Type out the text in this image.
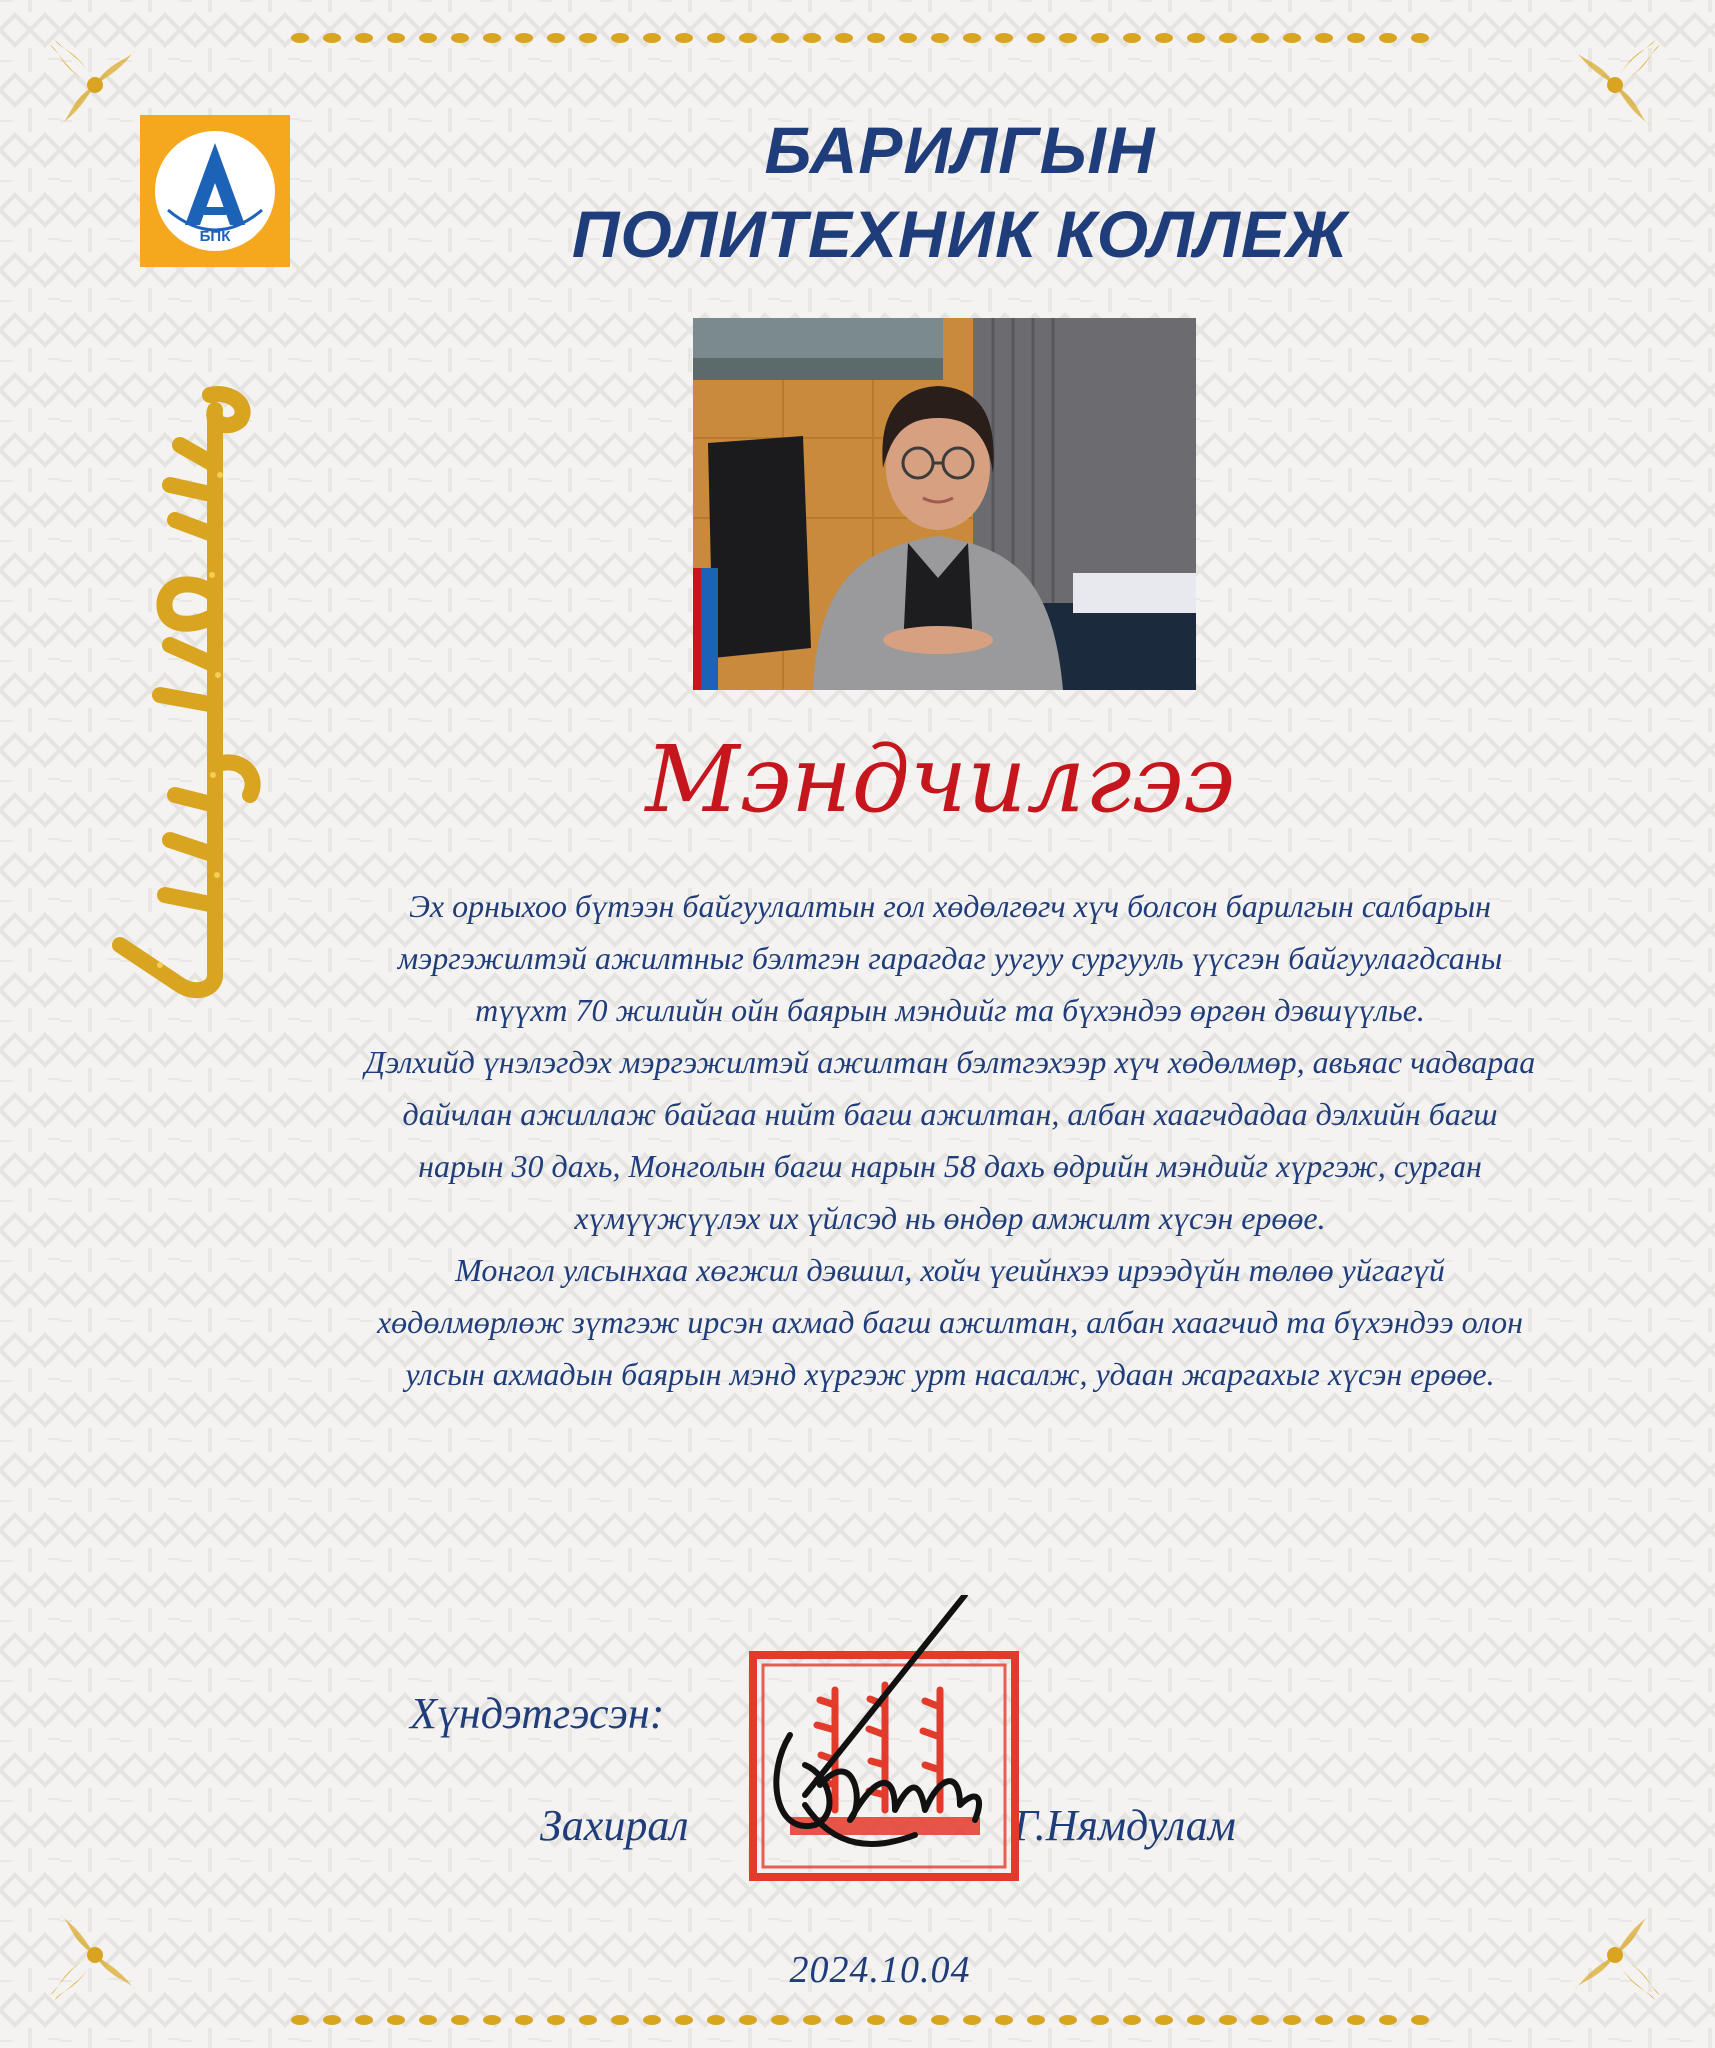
БПК
БАРИЛГЫН
ПОЛИТЕХНИК КОЛЛЕЖ
Мэндчилгээ

Эх орныхоо бүтээн байгуулалтын гол хөдөлгөгч хүч болсон барилгын салбарын мэргэжилтэй ажилтныг бэлтгэн гарагдаг уугуу сургууль үүсгэн байгуулагдсаны түүхт 70 жилийн ойн баярын мэндийг та бүхэндээ өргөн дэвшүүлье.

Дэлхийд үнэлэгдэх мэргэжилтэй ажилтан бэлтгэхээр хүч хөдөлмөр, авьяас чадвараа дайчлан ажиллаж байгаа нийт багш ажилтан, албан хаагчдадаа дэлхийн багш нарын 30 дахь, Монголын багш нарын 58 дахь өдрийн мэндийг хүргэж, сурган хүмүүжүүлэх их үйлсэд нь өндөр амжилт хүсэн ерөөе.

Монгол улсынхаа хөгжил дэвшил, хойч үеийнхээ ирээдүйн төлөө уйгагүй хөдөлмөрлөж зүтгэж ирсэн ахмад багш ажилтан, албан хаагчид та бүхэндээ олон улсын ахмадын баярын мэнд хүргэж урт насалж, удаан жаргахыг хүсэн ерөөе.

Хүндэтгэсэн:
Захирал	Г.Нямдулам
2024.10.04
